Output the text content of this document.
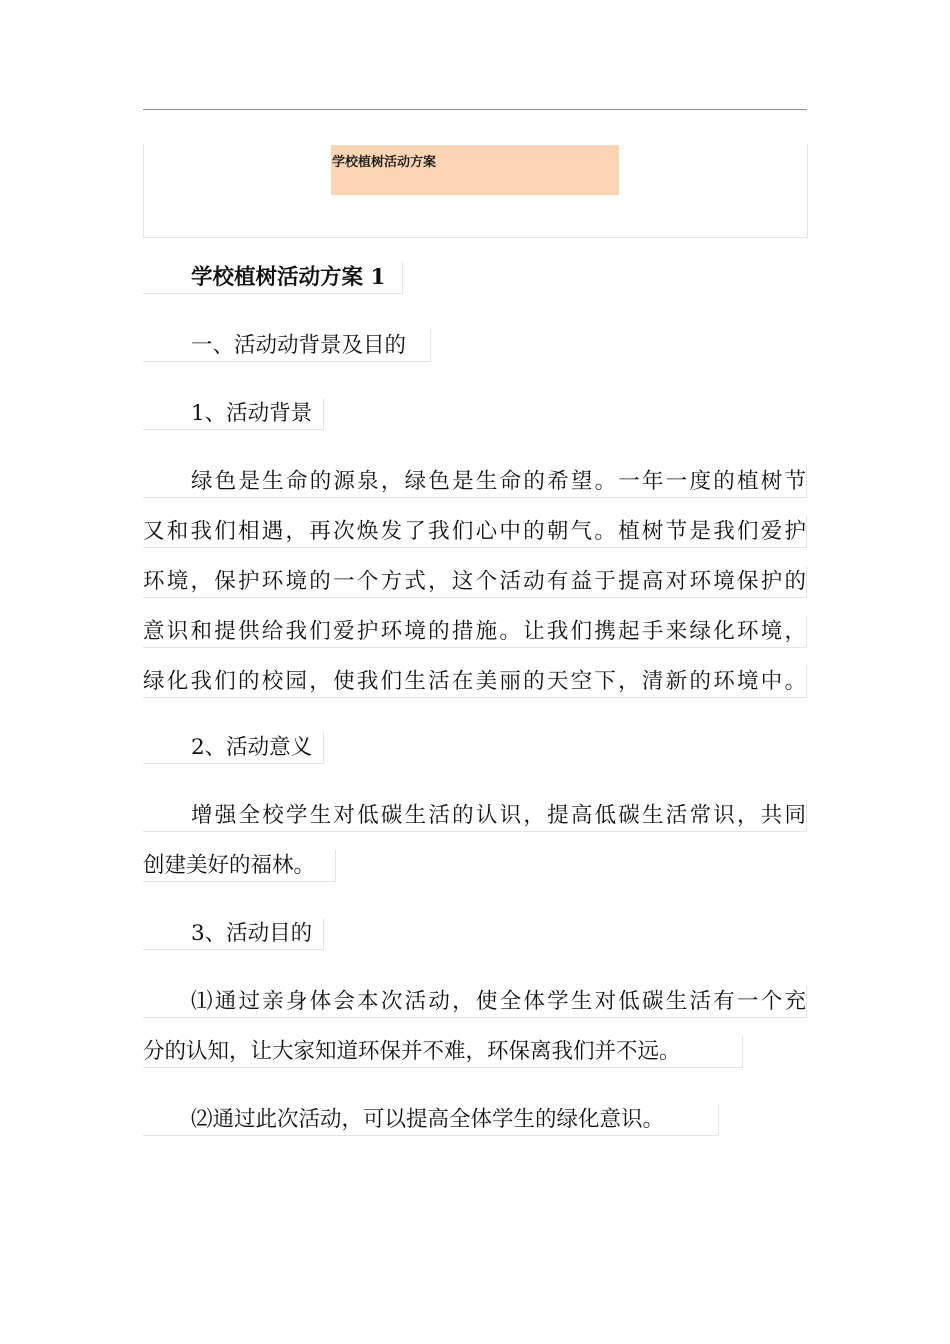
学校植树活动方案
学校植树活动方案 1
一、活动动背景及目的
1、活动背景
绿色是生命的源泉，绿色是生命的希望。一年一度的植树节
又和我们相遇，再次焕发了我们心中的朝气。植树节是我们爱护
环境，保护环境的一个方式，这个活动有益于提高对环境保护的
意识和提供给我们爱护环境的措施。让我们携起手来绿化环境，
绿化我们的校园，使我们生活在美丽的天空下，清新的环境中。
2、活动意义
增强全校学生对低碳生活的认识，提高低碳生活常识，共同
创建美好的福林。
3、活动目的
⑴通过亲身体会本次活动，使全体学生对低碳生活有一个充
分的认知，让大家知道环保并不难，环保离我们并不远。
⑵通过此次活动，可以提高全体学生的绿化意识。
